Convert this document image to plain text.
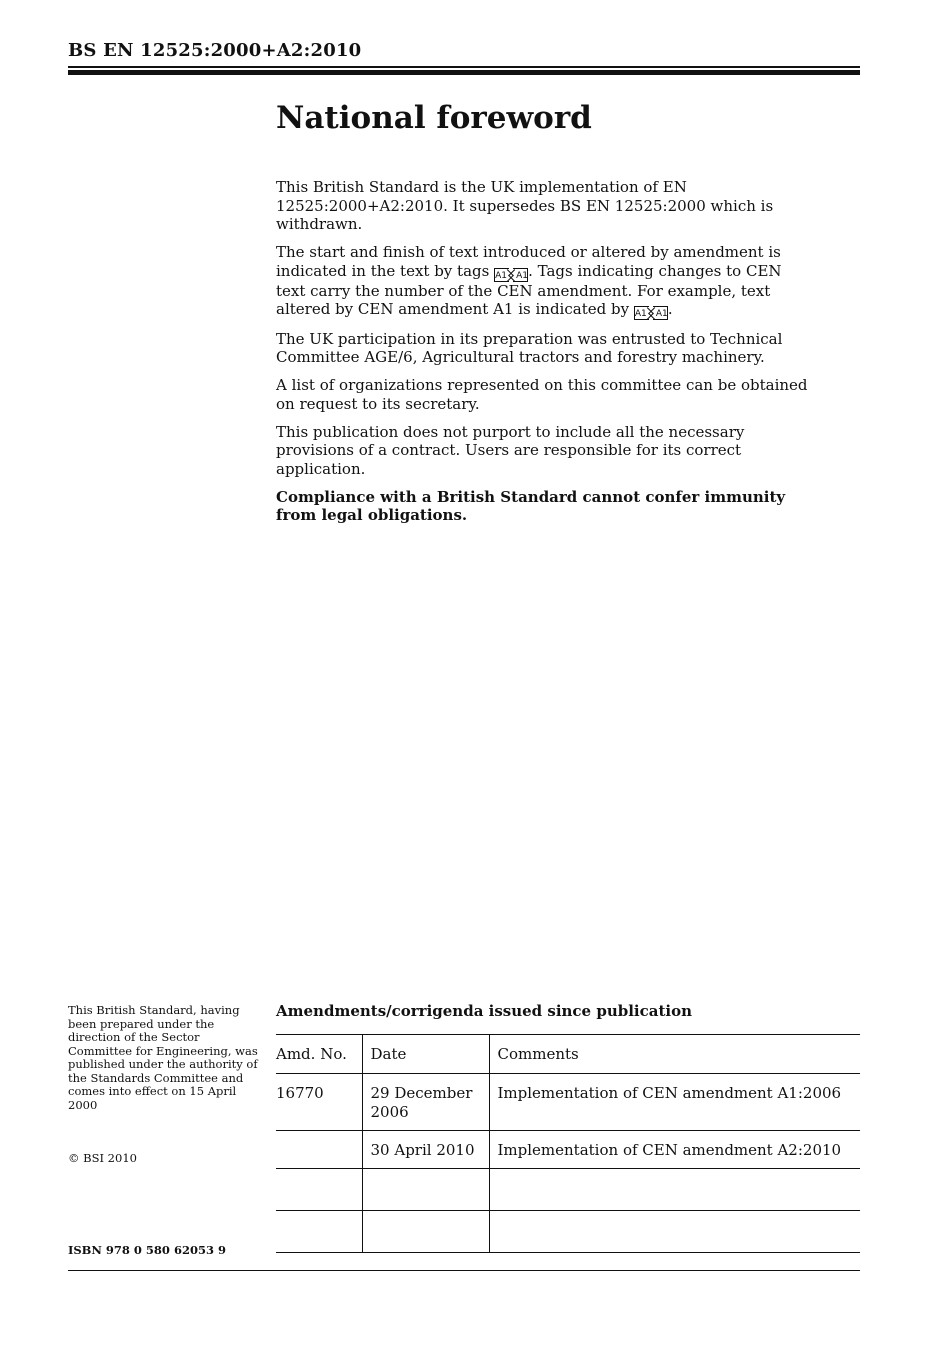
BS EN 12525:2000+A2:2010
National foreword

This British Standard is the UK implementation of EN 12525:2000+A2:2010. It supersedes BS EN 12525:2000 which is withdrawn.

The start and finish of text introduced or altered by amendment is indicated in the text by tags A1 A1. Tags indicating changes to CEN text carry the number of the CEN amendment. For example, text altered by CEN amendment A1 is indicated by A1 A1.

The UK participation in its preparation was entrusted to Technical Committee AGE/6, Agricultural tractors and forestry machinery.

A list of organizations represented on this committee can be obtained on request to its secretary.

This publication does not purport to include all the necessary provisions of a contract. Users are responsible for its correct application.

Compliance with a British Standard cannot confer immunity from legal obligations.

This British Standard, having been prepared under the direction of the Sector Committee for Engineering, was published under the authority of the Standards Committee and comes into effect on 15 April 2000
© BSI 2010
ISBN 978 0 580 62053 9
Amendments/corrigenda issued since publication
Amd. No.	Date	Comments
16770	29 December 2006	Implementation of CEN amendment A1:2006
	30 April 2010	Implementation of CEN amendment A2:2010
